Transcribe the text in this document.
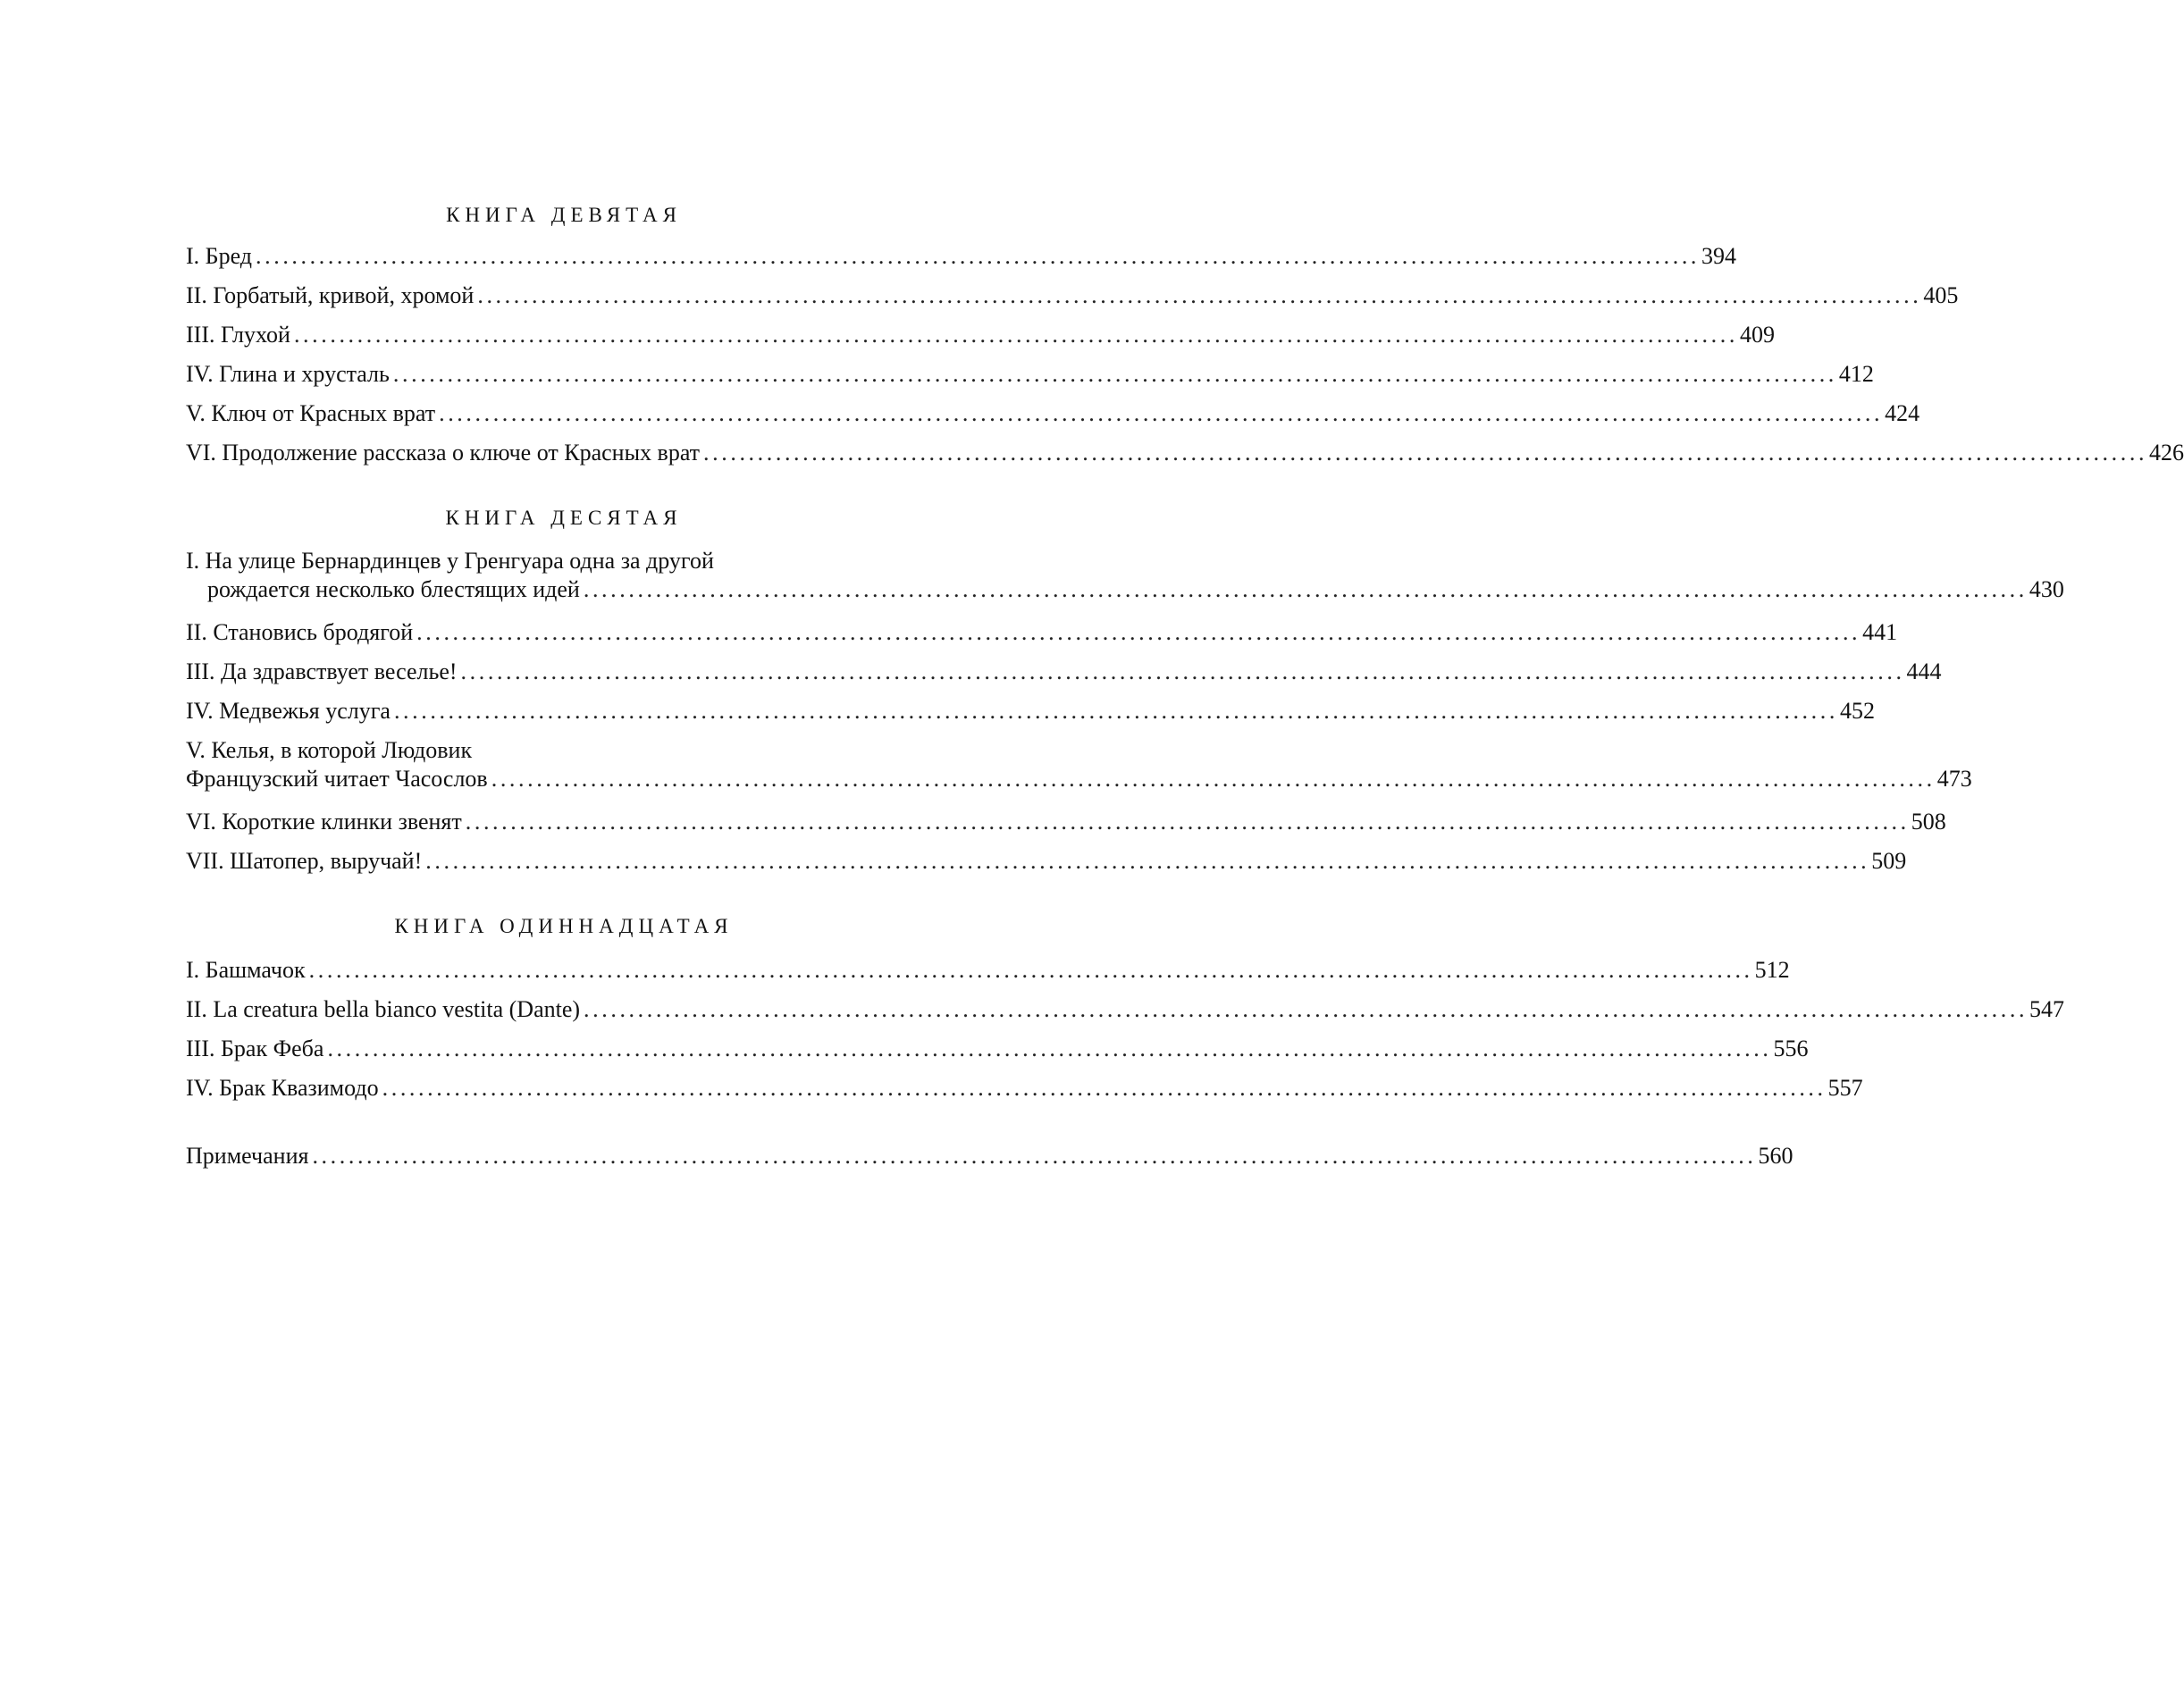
КНИГА ДЕВЯТАЯ
I. Бред ................................................................................................................................................................ 394
II. Горбатый, кривой, хромой ................................................................................................................................................................ 405
III. Глухой ................................................................................................................................................................ 409
IV. Глина и хрусталь ................................................................................................................................................................ 412
V. Ключ от Красных врат ................................................................................................................................................................ 424
VI. Продолжение рассказа о ключе от Красных врат ................................................................................................................................................................ 426
КНИГА ДЕСЯТАЯ
I. На улице Бернардинцев у Гренгуара одна за другой
рождается несколько блестящих идей ................................................................................................................................................................ 430
II. Становись бродягой ................................................................................................................................................................ 441
III. Да здравствует веселье! ................................................................................................................................................................ 444
IV. Медвежья услуга ................................................................................................................................................................ 452
V. Келья, в которой Людовик
Французский читает Часослов ................................................................................................................................................................ 473
VI. Короткие клинки звенят ................................................................................................................................................................ 508
VII. Шатопер, выручай! ................................................................................................................................................................ 509
КНИГА ОДИННАДЦАТАЯ
I. Башмачок ................................................................................................................................................................ 512
II. La creatura bella bianco vestita (Dante) ................................................................................................................................................................ 547
III. Брак Феба ................................................................................................................................................................ 556
IV. Брак Квазимодо ................................................................................................................................................................ 557
Примечания ................................................................................................................................................................ 560
